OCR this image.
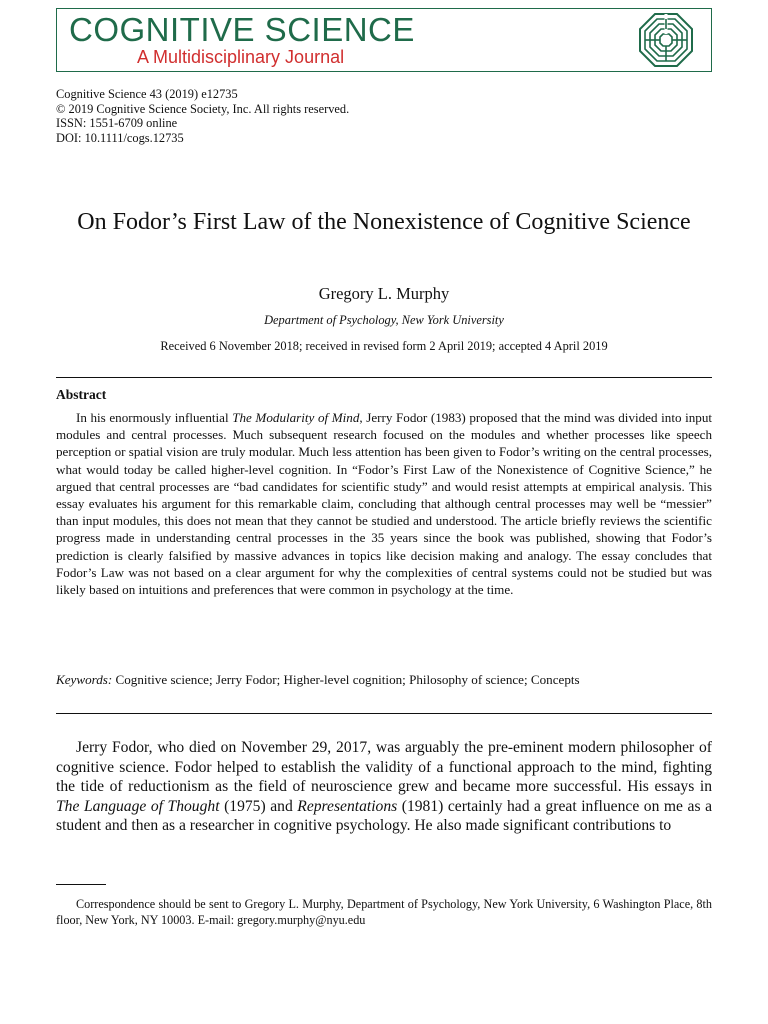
COGNITIVE SCIENCE
A Multidisciplinary Journal
Cognitive Science 43 (2019) e12735
© 2019 Cognitive Science Society, Inc. All rights reserved.
ISSN: 1551-6709 online
DOI: 10.1111/cogs.12735
On Fodor’s First Law of the Nonexistence of Cognitive Science
Gregory L. Murphy
Department of Psychology, New York University
Received 6 November 2018; received in revised form 2 April 2019; accepted 4 April 2019
Abstract

In his enormously influential The Modularity of Mind, Jerry Fodor (1983) proposed that the mind was divided into input modules and central processes. Much subsequent research focused on the modules and whether processes like speech perception or spatial vision are truly modular. Much less attention has been given to Fodor’s writing on the central processes, what would today be called higher-level cognition. In “Fodor’s First Law of the Nonexistence of Cognitive Science,” he argued that central processes are “bad candidates for scientific study” and would resist attempts at empirical analysis. This essay evaluates his argument for this remarkable claim, concluding that although central processes may well be “messier” than input modules, this does not mean that they cannot be studied and understood. The article briefly reviews the scientific progress made in understanding central processes in the 35 years since the book was published, showing that Fodor’s prediction is clearly falsified by massive advances in topics like decision making and analogy. The essay concludes that Fodor’s Law was not based on a clear argument for why the complexities of central systems could not be studied but was likely based on intuitions and preferences that were common in psychology at the time.

Keywords: Cognitive science; Jerry Fodor; Higher-level cognition; Philosophy of science; Concepts

Jerry Fodor, who died on November 29, 2017, was arguably the pre-eminent modern philosopher of cognitive science. Fodor helped to establish the validity of a functional approach to the mind, fighting the tide of reductionism as the field of neuroscience grew and became more successful. His essays in The Language of Thought (1975) and Representations (1981) certainly had a great influence on me as a student and then as a researcher in cognitive psychology. He also made significant contributions to

Correspondence should be sent to Gregory L. Murphy, Department of Psychology, New York University, 6 Washington Place, 8th floor, New York, NY 10003. E-mail: gregory.murphy@nyu.edu
